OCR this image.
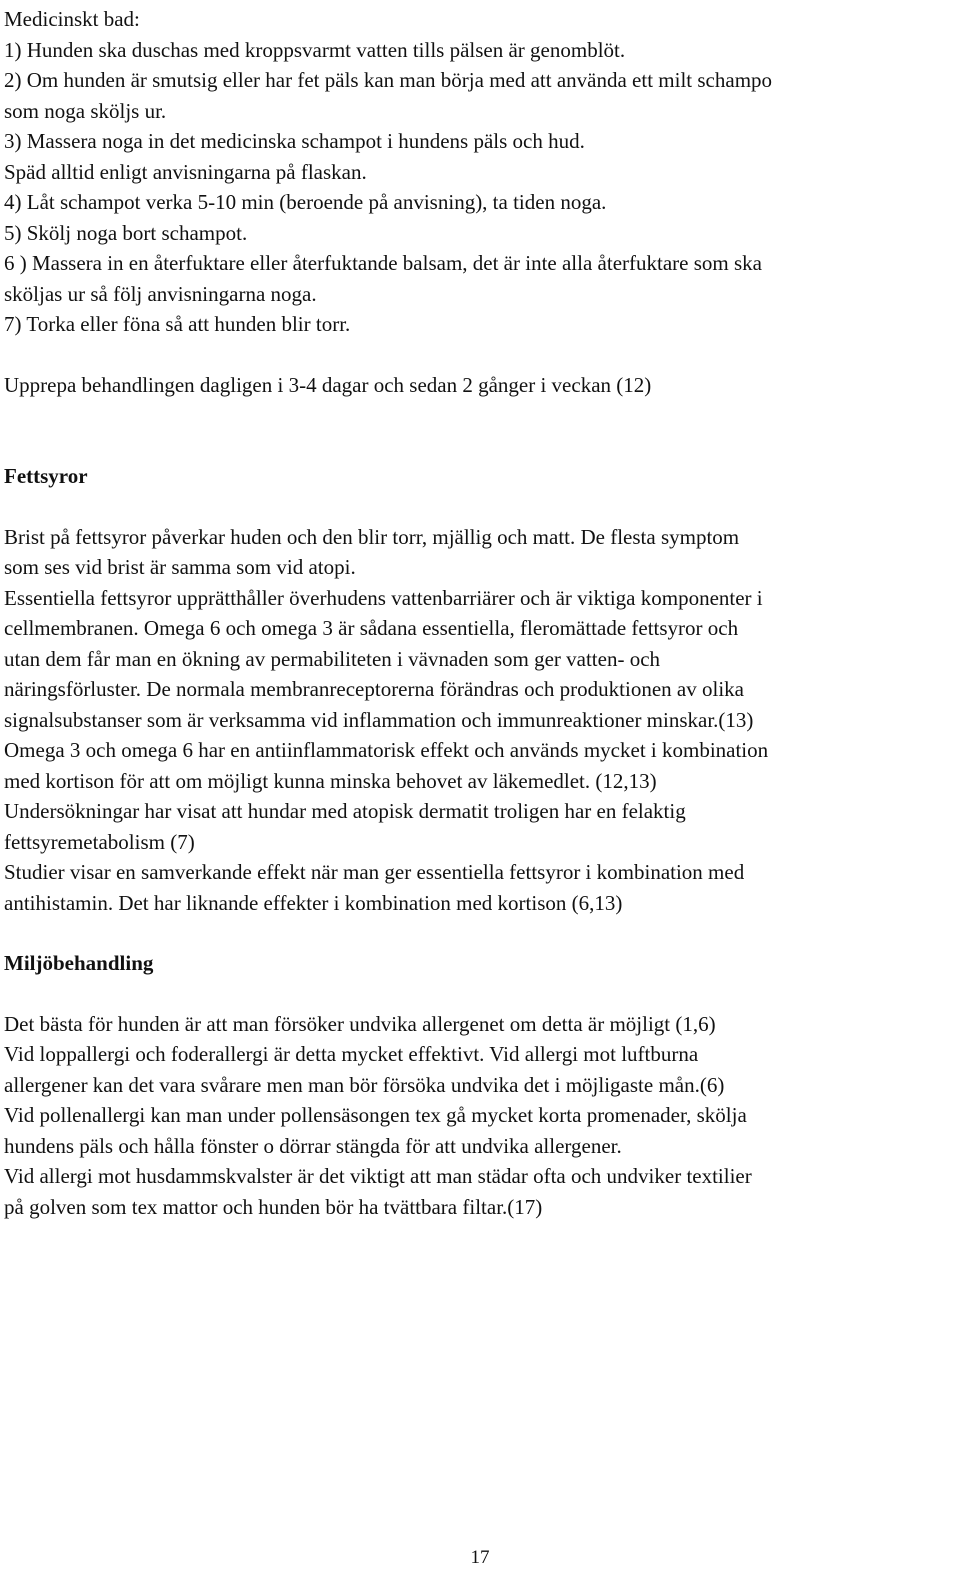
Medicinskt bad:
1) Hunden ska duschas med kroppsvarmt vatten tills pälsen är genomblöt.
2) Om hunden är smutsig eller har fet päls kan man börja med att använda ett milt schampo
som noga sköljs ur.
3) Massera noga in det medicinska schampot i hundens päls och hud.
Späd alltid enligt anvisningarna på flaskan.
4) Låt schampot verka 5-10 min (beroende på anvisning), ta tiden noga.
5) Skölj noga bort schampot.
6 ) Massera in en återfuktare eller återfuktande balsam, det är inte alla återfuktare som ska
sköljas ur så följ anvisningarna noga.
7) Torka eller föna så att hunden blir torr.
Upprepa behandlingen dagligen i 3-4 dagar och sedan 2 gånger i veckan (12)
Fettsyror
Brist på fettsyror påverkar huden och den blir torr, mjällig och matt. De flesta symptom
som ses vid brist är samma som vid atopi.
Essentiella fettsyror upprätthåller överhudens vattenbarriärer och är viktiga komponenter i
cellmembranen. Omega 6 och omega 3 är sådana essentiella, fleromättade fettsyror och
utan dem får man en ökning av permabiliteten i vävnaden som ger vatten- och
näringsförluster. De normala membranreceptorerna förändras och produktionen av olika
signalsubstanser som är verksamma vid inflammation och immunreaktioner minskar.(13)
Omega 3 och omega 6 har en antiinflammatorisk effekt och används mycket i kombination
med kortison för att om möjligt kunna minska behovet av läkemedlet. (12,13)
Undersökningar har visat att hundar med atopisk dermatit troligen har en felaktig
fettsyremetabolism (7)
Studier visar en samverkande effekt när man ger essentiella fettsyror i kombination med
antihistamin. Det har liknande effekter i kombination med kortison (6,13)
Miljöbehandling
Det bästa för hunden är att man försöker undvika allergenet om detta är möjligt (1,6)
Vid loppallergi och foderallergi är detta mycket effektivt. Vid allergi mot luftburna
allergener kan det vara svårare men man bör försöka undvika det i möjligaste mån.(6)
Vid pollenallergi kan man under pollensäsongen tex gå mycket korta promenader, skölja
hundens päls och hålla fönster o dörrar stängda för att undvika allergener.
Vid allergi mot husdammskvalster är det viktigt att man städar ofta och undviker textilier
på golven som tex mattor och hunden bör ha tvättbara filtar.(17)
17
